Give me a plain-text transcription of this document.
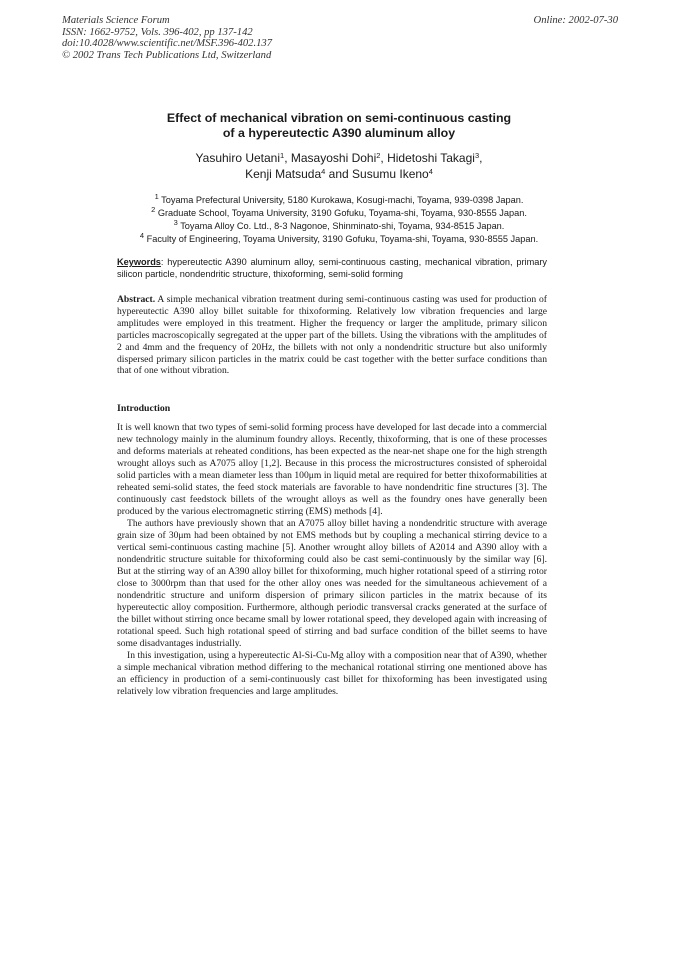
Materials Science Forum
ISSN: 1662-9752, Vols. 396-402, pp 137-142
doi:10.4028/www.scientific.net/MSF.396-402.137
© 2002 Trans Tech Publications Ltd, Switzerland
Online: 2002-07-30
Effect of mechanical vibration on semi-continuous casting
of a hypereutectic A390 aluminum alloy
Yasuhiro Uetani$^1$, Masayoshi Dohi$^2$, Hidetoshi Takagi$^3$,
Kenji Matsuda$^4$ and Susumu Ikeno$^4$
$^1$ Toyama Prefectural University, 5180 Kurokawa, Kosugi-machi, Toyama, 939-0398 Japan.
$^2$ Graduate School, Toyama University, 3190 Gofuku, Toyama-shi, Toyama, 930-8555 Japan.
$^3$ Toyama Alloy Co. Ltd., 8-3 Nagonoe, Shinminato-shi, Toyama, 934-8515 Japan.
$^4$ Faculty of Engineering, Toyama University, 3190 Gofuku, Toyama-shi, Toyama, 930-8555 Japan.
Keywords: hypereutectic A390 aluminum alloy, semi-continuous casting, mechanical vibration, primary silicon particle, nondendritic structure, thixoforming, semi-solid forming
Abstract. A simple mechanical vibration treatment during semi-continuous casting was used for production of hypereutectic A390 alloy billet suitable for thixoforming. Relatively low vibration frequencies and large amplitudes were employed in this treatment. Higher the frequency or larger the amplitude, primary silicon particles macroscopically segregated at the upper part of the billets. Using the vibrations with the amplitudes of 2 and 4mm and the frequency of 20Hz, the billets with not only a nondendritic structure but also uniformly dispersed primary silicon particles in the matrix could be cast together with the better surface conditions than that of one without vibration.
Introduction

It is well known that two types of semi-solid forming process have developed for last decade into a commercial new technology mainly in the aluminum foundry alloys. Recently, thixoforming, that is one of these processes and deforms materials at reheated conditions, has been expected as the near-net shape one for the high strength wrought alloys such as A7075 alloy [1,2]. Because in this process the microstructures consisted of spheroidal solid particles with a mean diameter less than 100μm in liquid metal are required for better thixoformabilities at reheated semi-solid states, the feed stock materials are favorable to have nondendritic fine structures [3]. The continuously cast feedstock billets of the wrought alloys as well as the foundry ones have generally been produced by the various electromagnetic stirring (EMS) methods [4].

The authors have previously shown that an A7075 alloy billet having a nondendritic structure with average grain size of 30μm had been obtained by not EMS methods but by coupling a mechanical stirring device to a vertical semi-continuous casting machine [5]. Another wrought alloy billets of A2014 and A390 alloy with a nondendritic structure suitable for thixoforming could also be cast semi-continuously by the similar way [6]. But at the stirring way of an A390 alloy billet for thixoforming, much higher rotational speed of a stirring rotor close to 3000rpm than that used for the other alloy ones was needed for the simultaneous achievement of a nondendritic structure and uniform dispersion of primary silicon particles in the matrix because of its hypereutectic alloy composition. Furthermore, although periodic transversal cracks generated at the surface of the billet without stirring once became small by lower rotational speed, they developed again with increasing of rotational speed. Such high rotational speed of stirring and bad surface condition of the billet seems to have some disadvantages industrially.

In this investigation, using a hypereutectic Al-Si-Cu-Mg alloy with a composition near that of A390, whether a simple mechanical vibration method differing to the mechanical rotational stirring one mentioned above has an efficiency in production of a semi-continuously cast billet for thixoforming has been investigated using relatively low vibration frequencies and large amplitudes.
